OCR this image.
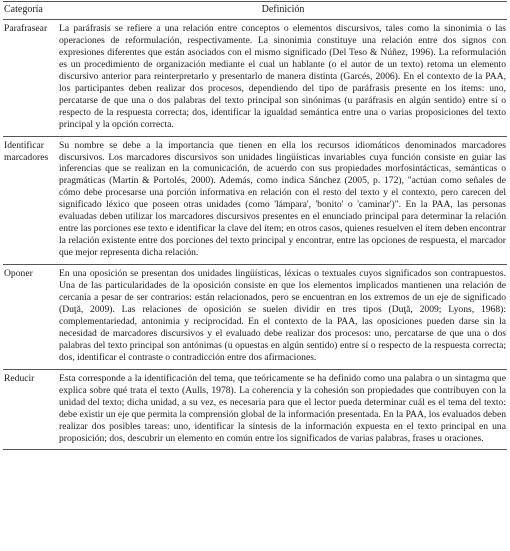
Categoría	Definición
Parafrasear	La paráfrasis se refiere a una relación entre conceptos o elementos discursivos, tales como la sinonimia o las operaciones de reformulación, respectivamente. La sinonimia constituye una relación entre dos signos con expresiones diferentes que están asociados con el mismo significado (Del Teso & Núñez, 1996). La reformulación es un procedimiento de organización mediante el cual un hablante (o el autor de un texto) retoma un elemento discursivo anterior para reinterpretarlo y presentarlo de manera distinta (Garcés, 2006). En el contexto de la PAA, los participantes deben realizar dos procesos, dependiendo del tipo de paráfrasis presente en los ítems: uno, percatarse de que una o dos palabras del texto principal son sinónimas (u paráfrasis en algún sentido) entre sí o respecto de la respuesta correcta; dos, identificar la igualdad semántica entre una o varias proposiciones del texto principal y la opción correcta.
Identificar marcadores	Su nombre se debe a la importancia que tienen en ella los recursos idiomáticos denominados marcadores discursivos. Los marcadores discursivos son unidades lingüísticas invariables cuya función consiste en guiar las inferencias que se realizan en la comunicación, de acuerdo con sus propiedades morfosintácticas, semánticas o pragmáticas (Martín & Portolés, 2000). Además, como indica Sánchez (2005, p. 172), "actúan como señales de cómo debe procesarse una porción informativa en relación con el resto del texto y el contexto, pero carecen del significado léxico que poseen otras unidades (como 'lámpara', 'bonito' o 'caminar')". En la PAA, las personas evaluadas deben utilizar los marcadores discursivos presentes en el enunciado principal para determinar la relación entre las porciones ese texto e identificar la clave del ítem; en otros casos, quienes resuelven el ítem deben encontrar la relación existente entre dos porciones del texto principal y encontrar, entre las opciones de respuesta, el marcador que mejor representa dicha relación.
Oponer	En una oposición se presentan dos unidades lingüísticas, léxicas o textuales cuyos significados son contrapuestos. Una de las particularidades de la oposición consiste en que los elementos implicados mantienen una relación de cercanía a pesar de ser contrarios: están relacionados, pero se encuentran en los extremos de un eje de significado (Duţă, 2009). Las relaciones de oposición se suelen dividir en tres tipos (Duţă, 2009; Lyons, 1968): complementariedad, antonimia y reciprocidad. En el contexto de la PAA, las oposiciones pueden darse sin la necesidad de marcadores discursivos y el evaluado debe realizar dos procesos: uno, percatarse de que una o dos palabras del texto principal son antónimas (u opuestas en algún sentido) entre sí o respecto de la respuesta correcta; dos, identificar el contraste o contradicción entre dos afirmaciones.
Reducir	Esta corresponde a la identificación del tema, que teóricamente se ha definido como una palabra o un sintagma que explica sobre qué trata el texto (Aulls, 1978). La coherencia y la cohesión son propiedades que contribuyen con la unidad del texto; dicha unidad, a su vez, es necesaria para que el lector pueda determinar cuál es el tema del texto: debe existir un eje que permita la comprensión global de la información presentada. En la PAA, los evaluados deben realizar dos posibles tareas: uno, identificar la síntesis de la información expuesta en el texto principal en una proposición; dos, descubrir un elemento en común entre los significados de varias palabras, frases u oraciones.
